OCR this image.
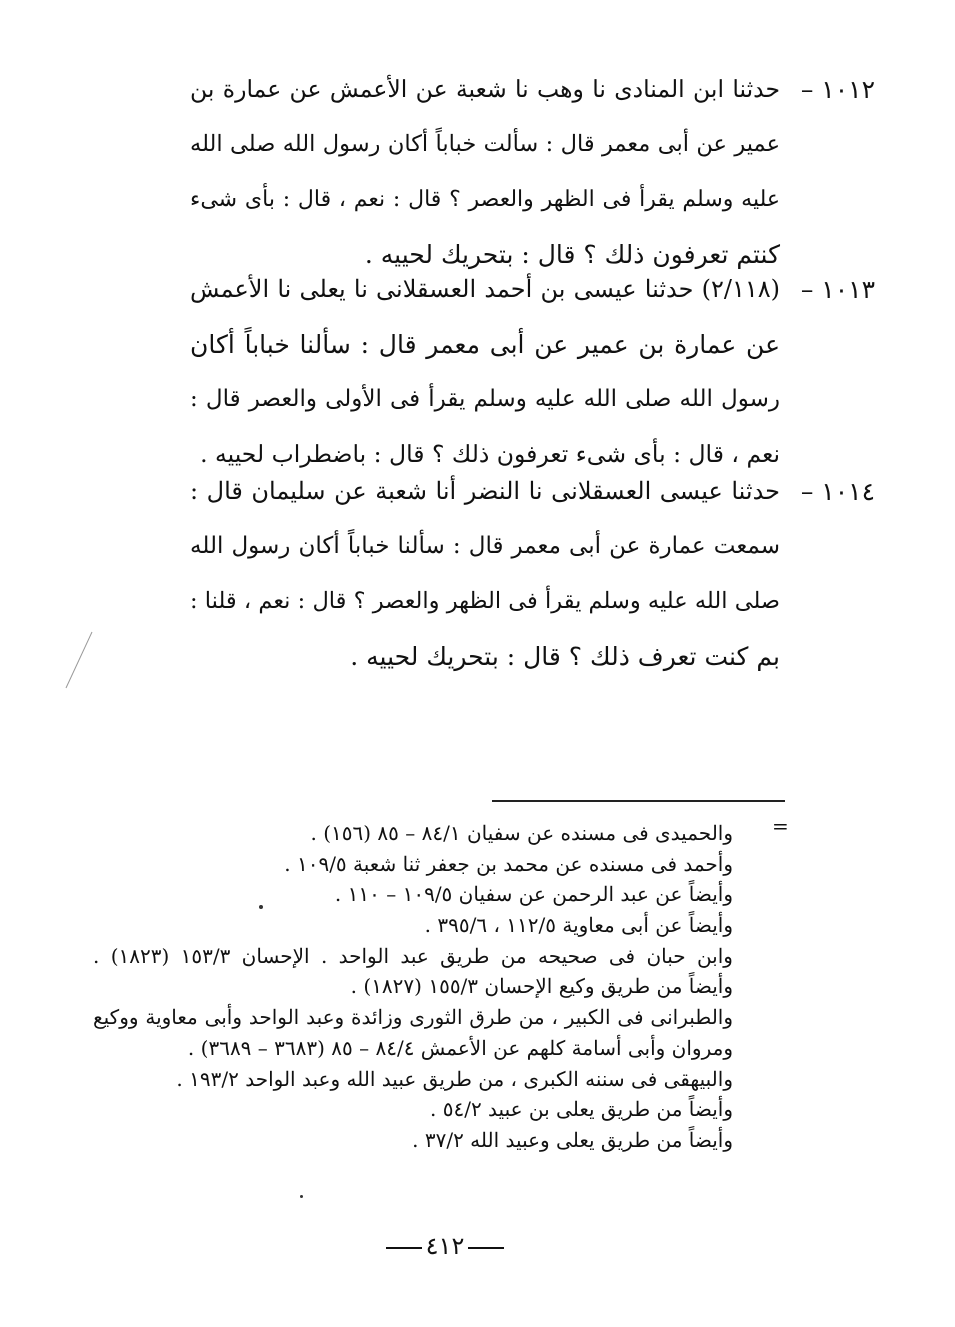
١٠١٢ –
حدثنا ابن المنادى نا وهب نا شعبة عن الأعمش عن عمارة بن
عمير عن أبى معمر قال : سألت خباباً أكان رسول الله صلى الله
عليه وسلم يقرأ فى الظهر والعصر ؟ قال : نعم ، قال : بأى شىء
كنتم تعرفون ذلك ؟ قال : بتحريك لحييه .
١٠١٣ –
(٢/١١٨) حدثنا عيسى بن أحمد العسقلانى نا يعلى نا الأعمش
عن عمارة بن عمير عن أبى معمر قال : سألنا خباباً أكان
رسول الله صلى الله عليه وسلم يقرأ فى الأولى والعصر قال :
نعم ، قال : بأى شىء تعرفون ذلك ؟ قال : باضطراب لحييه .
١٠١٤ –
حدثنا عيسى العسقلانى نا النضر أنا شعبة عن سليمان قال :
سمعت عمارة عن أبى معمر قال : سألنا خباباً أكان رسول الله
صلى الله عليه وسلم يقرأ فى الظهر والعصر ؟ قال : نعم ، قلنا :
بم كنت تعرف ذلك ؟ قال : بتحريك لحييه .
=
والحميدى فى مسنده عن سفيان ٨٤/١ – ٨٥ (١٥٦) .
وأحمد فى مسنده عن محمد بن جعفر ثنا شعبة ١٠٩/٥ .
وأيضاً عن عبد الرحمن عن سفيان ١٠٩/٥ – ١١٠ .
وأيضاً عن أبى معاوية ١١٢/٥ ، ٣٩٥/٦ .
وابن حبان فى صحيحه من طريق عبد الواحد . الإحسان ١٥٣/٣ (١٨٢٣) .
وأيضاً من طريق وكيع الإحسان ١٥٥/٣ (١٨٢٧) .
والطبرانى فى الكبير ، من طرق الثورى وزائدة وعبد الواحد وأبى معاوية ووكيع
ومروان وأبى أسامة كلهم عن الأعمش ٨٤/٤ – ٨٥ (٣٦٨٣ – ٣٦٨٩) .
والبيهقى فى سننه الكبرى ، من طريق عبيد الله وعبد الواحد ١٩٣/٢ .
وأيضاً من طريق يعلى بن عبيد ٥٤/٢ .
وأيضاً من طريق يعلى وعبيد الله ٣٧/٢ .
٤١٢
